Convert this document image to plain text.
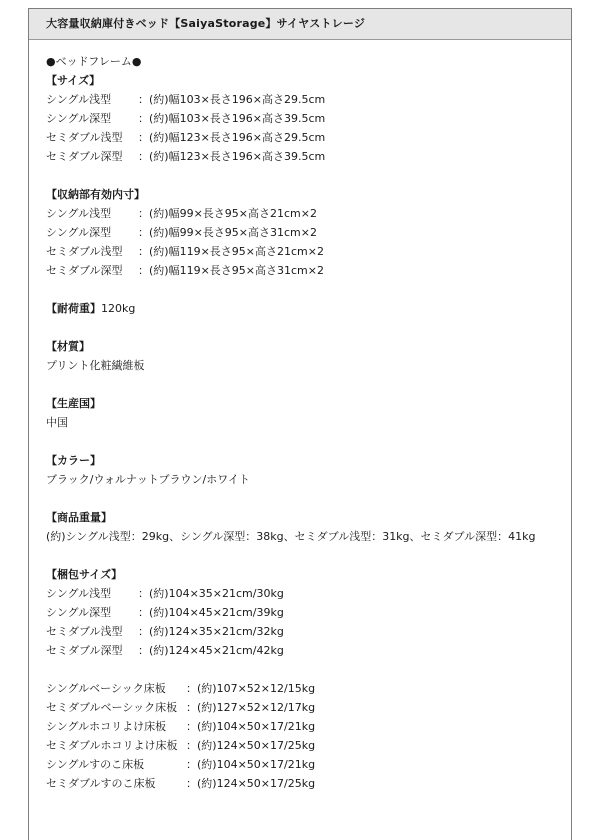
大容量収納庫付きベッド【SaiyaStorage】サイヤストレージ
●ベッドフレーム●
【サイズ】
シングル浅型	：(約)幅103×長さ196×高さ29.5cm
シングル深型	：(約)幅103×長さ196×高さ39.5cm
セミダブル浅型	：(約)幅123×長さ196×高さ29.5cm
セミダブル深型	：(約)幅123×長さ196×高さ39.5cm
【収納部有効内寸】
シングル浅型	：(約)幅99×長さ95×高さ21cm×2
シングル深型	：(約)幅99×長さ95×高さ31cm×2
セミダブル浅型	：(約)幅119×長さ95×高さ21cm×2
セミダブル深型	：(約)幅119×長さ95×高さ31cm×2
【耐荷重】120kg
【材質】
プリント化粧繊維板
【生産国】
中国
【カラー】
ブラック/ウォルナットブラウン/ホワイト
【商品重量】
(約)シングル浅型：29kg、シングル深型：38kg、セミダブル浅型：31kg、セミダブル深型：41kg
【梱包サイズ】
シングル浅型	：(約)104×35×21cm/30kg
シングル深型	：(約)104×45×21cm/39kg
セミダブル浅型	：(約)124×35×21cm/32kg
セミダブル深型	：(約)124×45×21cm/42kg
シングルベーシック床板	：(約)107×52×12/15kg
セミダブルベーシック床板 ：(約)127×52×12/17kg
シングルホコリよけ床板	：(約)104×50×17/21kg
セミダブルホコリよけ床板 ：(約)124×50×17/25kg
シングルすのこ床板	：(約)104×50×17/21kg
セミダブルすのこ床板	：(約)124×50×17/25kg
